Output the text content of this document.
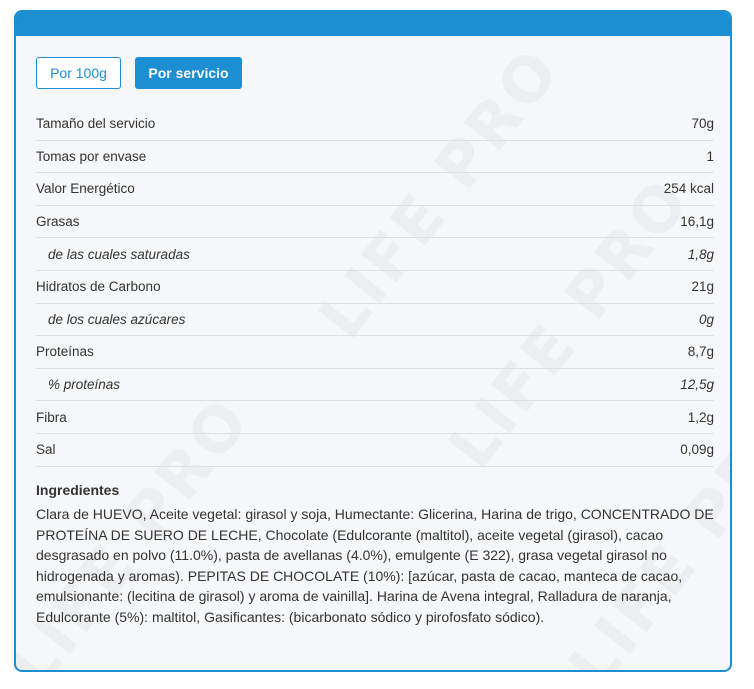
Por 100g	Por servicio
Tamaño del servicio	70g
Tomas por envase	1
Valor Energético	254 kcal
Grasas	16,1g
de las cuales saturadas	1,8g
Hidratos de Carbono	21g
de los cuales azúcares	0g
Proteínas	8,7g
% proteínas	12,5g
Fibra	1,2g
Sal	0,09g
Ingredientes
Clara de HUEVO, Aceite vegetal: girasol y soja, Humectante: Glicerina, Harina de trigo, CONCENTRADO DE PROTEÍNA DE SUERO DE LECHE, Chocolate (Edulcorante (maltitol), aceite vegetal (girasol), cacao desgrasado en polvo (11.0%), pasta de avellanas (4.0%), emulgente (E 322), grasa vegetal girasol no hidrogenada y aromas). PEPITAS DE CHOCOLATE (10%): [azúcar, pasta de cacao, manteca de cacao, emulsionante: (lecitina de girasol) y aroma de vainilla]. Harina de Avena integral, Ralladura de naranja, Edulcorante (5%): maltitol, Gasificantes: (bicarbonato sódico y pirofosfato sódico).
